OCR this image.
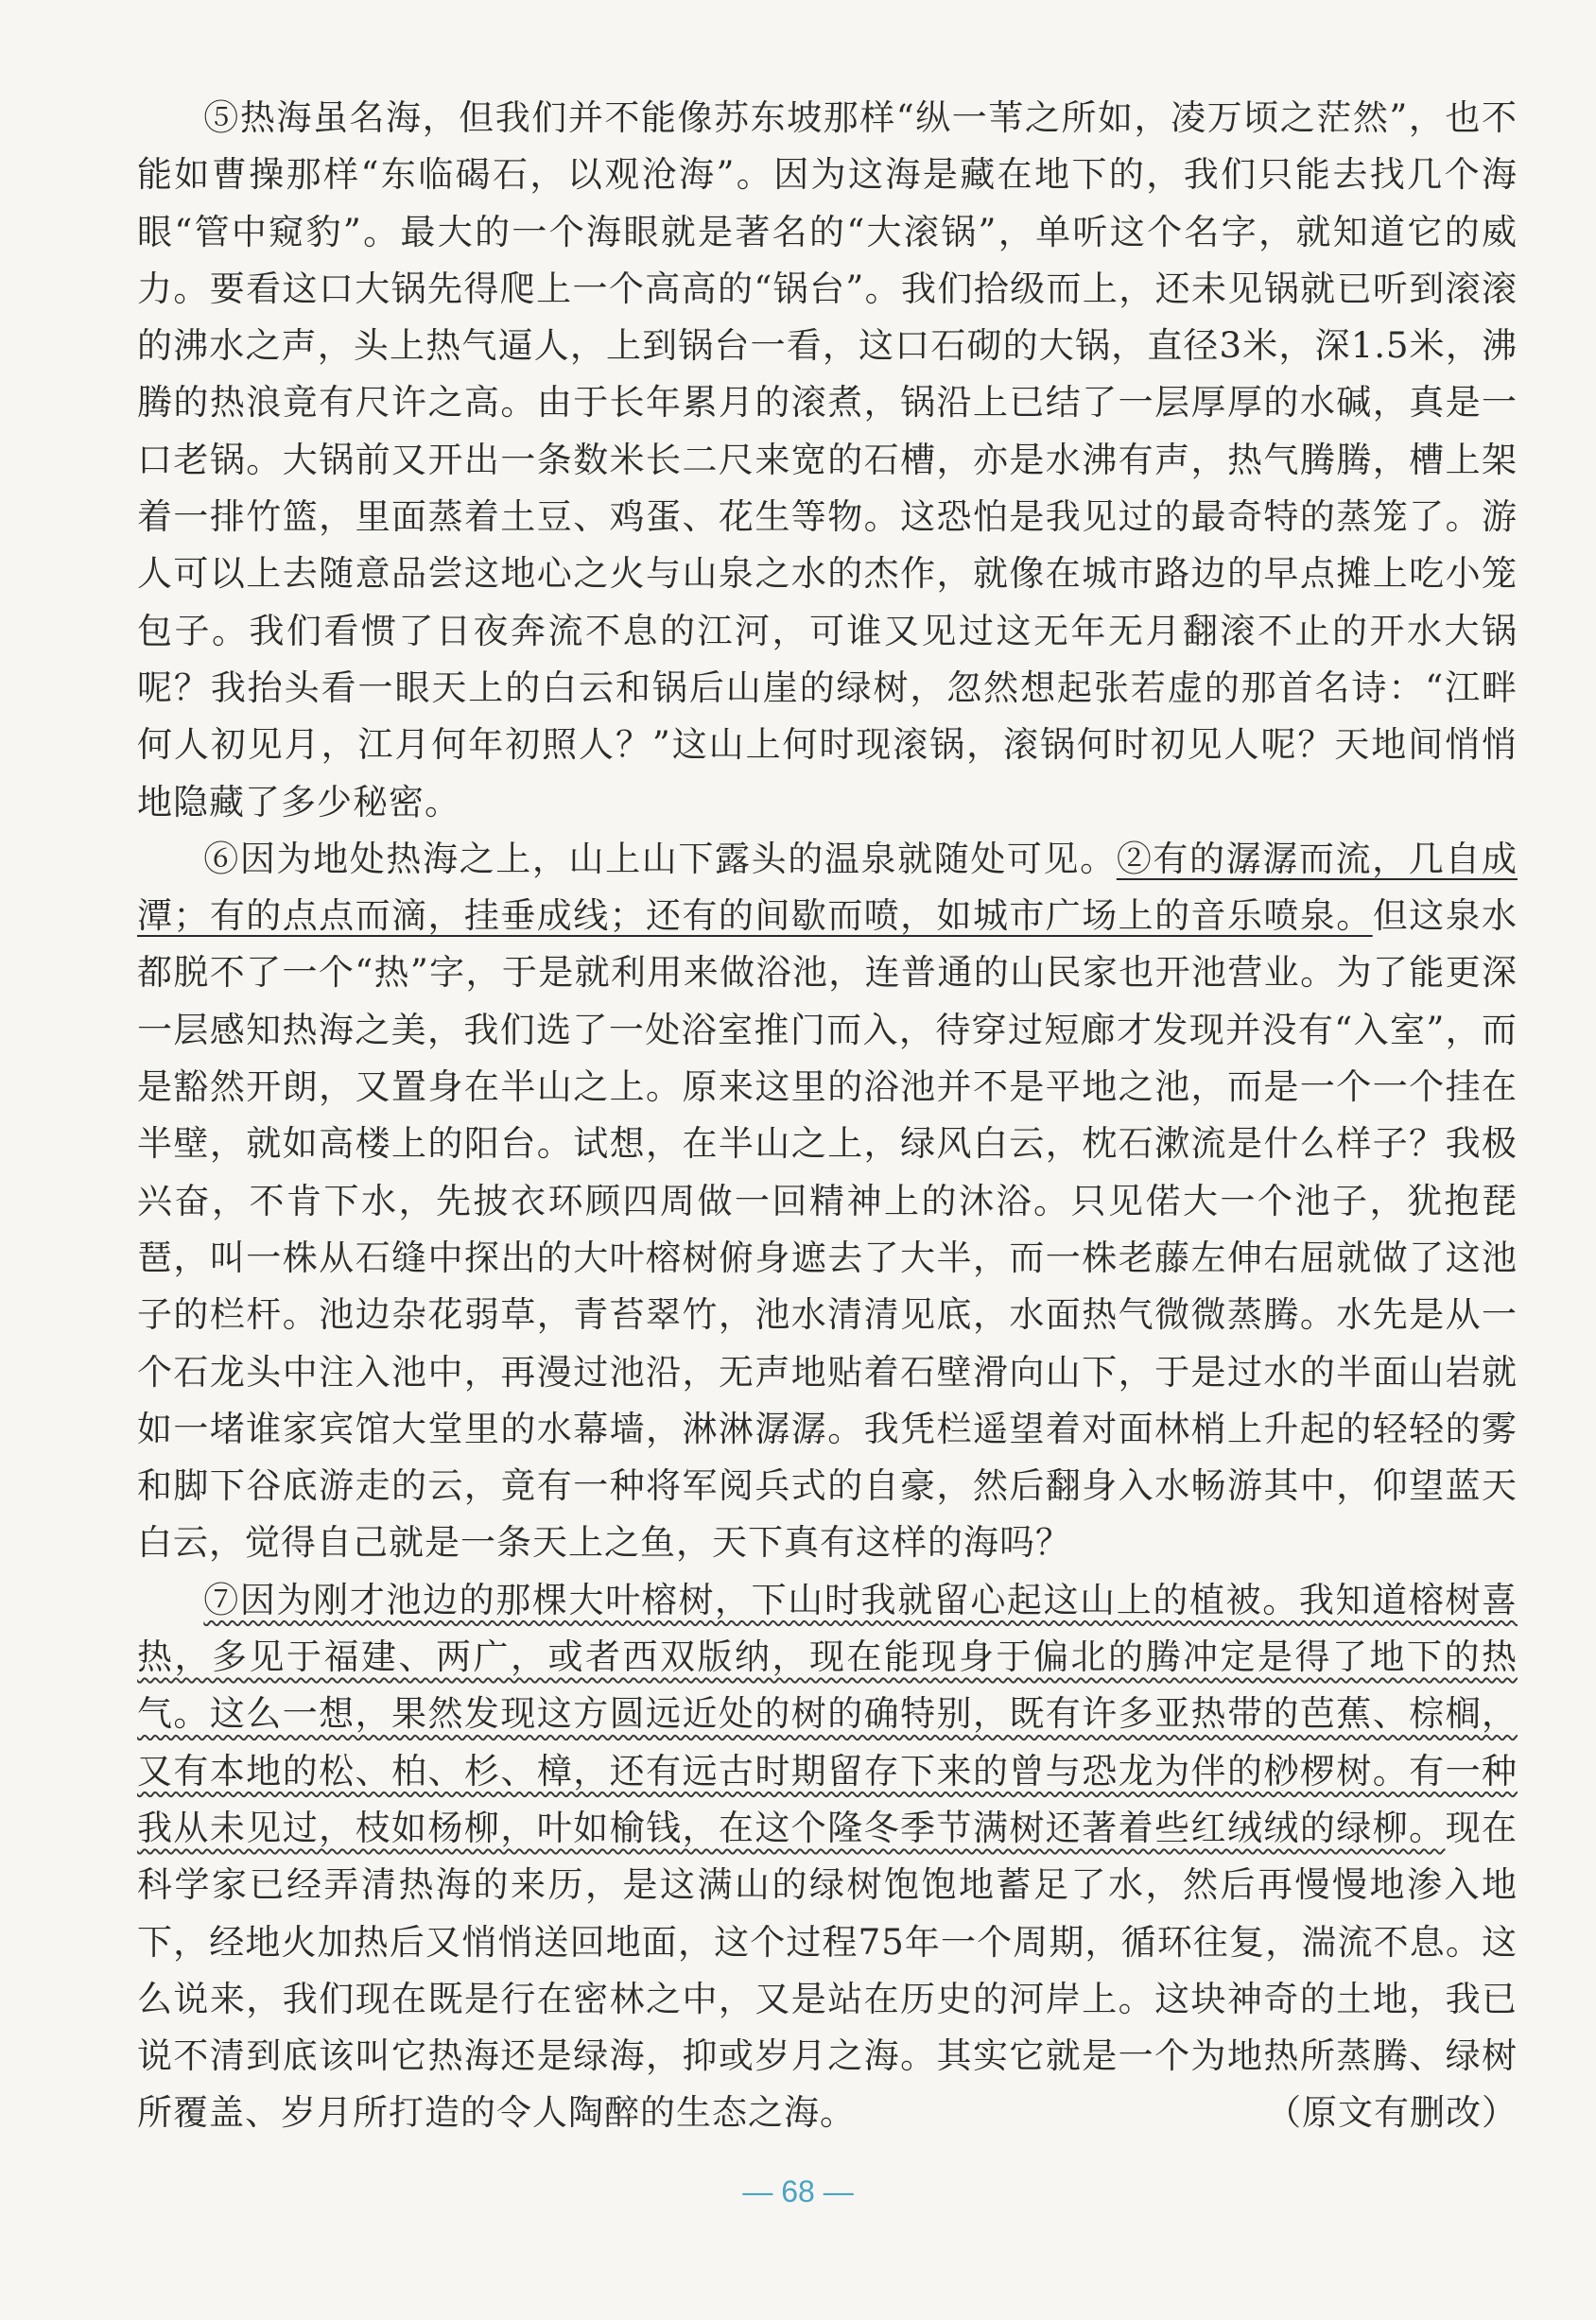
⑤热海虽名海，但我们并不能像苏东坡那样“纵一苇之所如，凌万顷之茫然”，也不能如曹操那样“东临碣石，以观沧海”。因为这海是藏在地下的，我们只能去找几个海眼“管中窥豹”。最大的一个海眼就是著名的“大滚锅”，单听这个名字，就知道它的威力。要看这口大锅先得爬上一个高高的“锅台”。我们拾级而上，还未见锅就已听到滚滚的沸水之声，头上热气逼人，上到锅台一看，这口石砌的大锅，直径3米，深1.5米，沸腾的热浪竟有尺许之高。由于长年累月的滚煮，锅沿上已结了一层厚厚的水碱，真是一口老锅。大锅前又开出一条数米长二尺来宽的石槽，亦是水沸有声，热气腾腾，槽上架着一排竹篮，里面蒸着土豆、鸡蛋、花生等物。这恐怕是我见过的最奇特的蒸笼了。游人可以上去随意品尝这地心之火与山泉之水的杰作，就像在城市路边的早点摊上吃小笼包子。我们看惯了日夜奔流不息的江河，可谁又见过这无年无月翻滚不止的开水大锅呢？我抬头看一眼天上的白云和锅后山崖的绿树，忽然想起张若虚的那首名诗：“江畔何人初见月，江月何年初照人？”这山上何时现滚锅，滚锅何时初见人呢？天地间悄悄地隐藏了多少秘密。

⑥因为地处热海之上，山上山下露头的温泉就随处可见。②有的潺潺而流，几自成潭；有的点点而滴，挂垂成线；还有的间歇而喷，如城市广场上的音乐喷泉。但这泉水都脱不了一个“热”字，于是就利用来做浴池，连普通的山民家也开池营业。为了能更深一层感知热海之美，我们选了一处浴室推门而入，待穿过短廊才发现并没有“入室”，而是豁然开朗，又置身在半山之上。原来这里的浴池并不是平地之池，而是一个一个挂在半壁，就如高楼上的阳台。试想，在半山之上，绿风白云，枕石漱流是什么样子？我极兴奋，不肯下水，先披衣环顾四周做一回精神上的沐浴。只见偌大一个池子，犹抱琵琶，叫一株从石缝中探出的大叶榕树俯身遮去了大半，而一株老藤左伸右屈就做了这池子的栏杆。池边杂花弱草，青苔翠竹，池水清清见底，水面热气微微蒸腾。水先是从一个石龙头中注入池中，再漫过池沿，无声地贴着石壁滑向山下，于是过水的半面山岩就如一堵谁家宾馆大堂里的水幕墙，淋淋潺潺。我凭栏遥望着对面林梢上升起的轻轻的雾和脚下谷底游走的云，竟有一种将军阅兵式的自豪，然后翻身入水畅游其中，仰望蓝天白云，觉得自己就是一条天上之鱼，天下真有这样的海吗？

⑦因为刚才池边的那棵大叶榕树，下山时我就留心起这山上的植被。我知道榕树喜热，多见于福建、两广，或者西双版纳，现在能现身于偏北的腾冲定是得了地下的热气。这么一想，果然发现这方圆远近处的树的确特别，既有许多亚热带的芭蕉、棕榈，又有本地的松、柏、杉、樟，还有远古时期留存下来的曾与恐龙为伴的桫椤树。有一种我从未见过，枝如杨柳，叶如榆钱，在这个隆冬季节满树还著着些红绒绒的绿柳。现在科学家已经弄清热海的来历，是这满山的绿树饱饱地蓄足了水，然后再慢慢地渗入地下，经地火加热后又悄悄送回地面，这个过程75年一个周期，循环往复，湍流不息。这么说来，我们现在既是行在密林之中，又是站在历史的河岸上。这块神奇的土地，我已说不清到底该叫它热海还是绿海，抑或岁月之海。其实它就是一个为地热所蒸腾、绿树所覆盖、岁月所打造的令人陶醉的生态之海。	（原文有删改）

— 68 —
